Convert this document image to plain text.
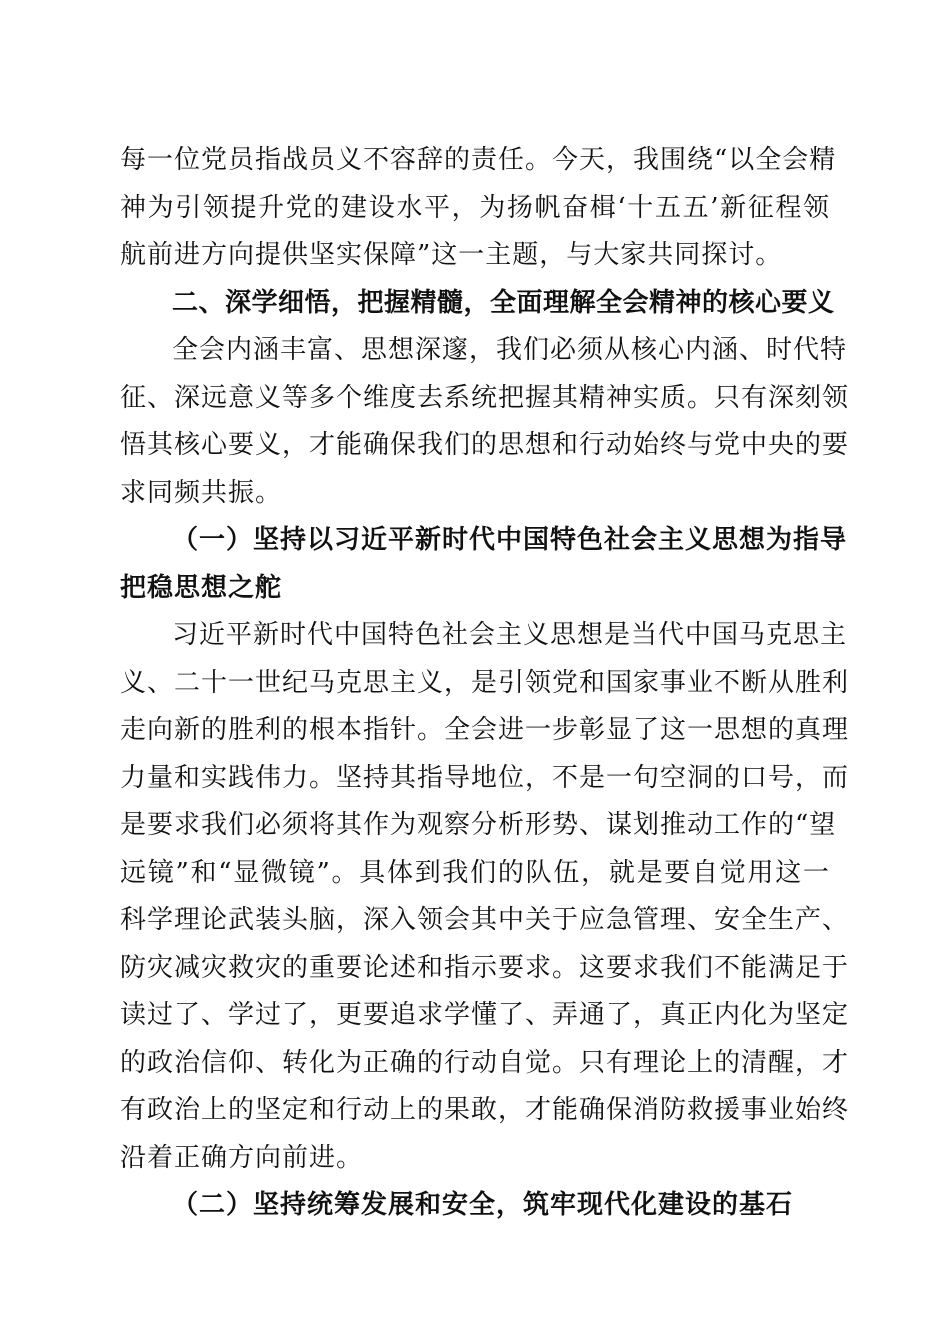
每一位党员指战员义不容辞的责任。今天，我围绕“以全会精
神为引领提升党的建设水平，为扬帆奋楫‘十五五’新征程领
航前进方向提供坚实保障”这一主题，与大家共同探讨。
二、深学细悟，把握精髓，全面理解全会精神的核心要义
全会内涵丰富、思想深邃，我们必须从核心内涵、时代特
征、深远意义等多个维度去系统把握其精神实质。只有深刻领
悟其核心要义，才能确保我们的思想和行动始终与党中央的要
求同频共振。
（一）坚持以习近平新时代中国特色社会主义思想为指导
把稳思想之舵
习近平新时代中国特色社会主义思想是当代中国马克思主
义、二十一世纪马克思主义，是引领党和国家事业不断从胜利
走向新的胜利的根本指针。全会进一步彰显了这一思想的真理
力量和实践伟力。坚持其指导地位，不是一句空洞的口号，而
是要求我们必须将其作为观察分析形势、谋划推动工作的“望
远镜”和“显微镜”。具体到我们的队伍，就是要自觉用这一
科学理论武装头脑，深入领会其中关于应急管理、安全生产、
防灾减灾救灾的重要论述和指示要求。这要求我们不能满足于
读过了、学过了，更要追求学懂了、弄通了，真正内化为坚定
的政治信仰、转化为正确的行动自觉。只有理论上的清醒，才
有政治上的坚定和行动上的果敢，才能确保消防救援事业始终
沿着正确方向前进。
（二）坚持统筹发展和安全，筑牢现代化建设的基石
